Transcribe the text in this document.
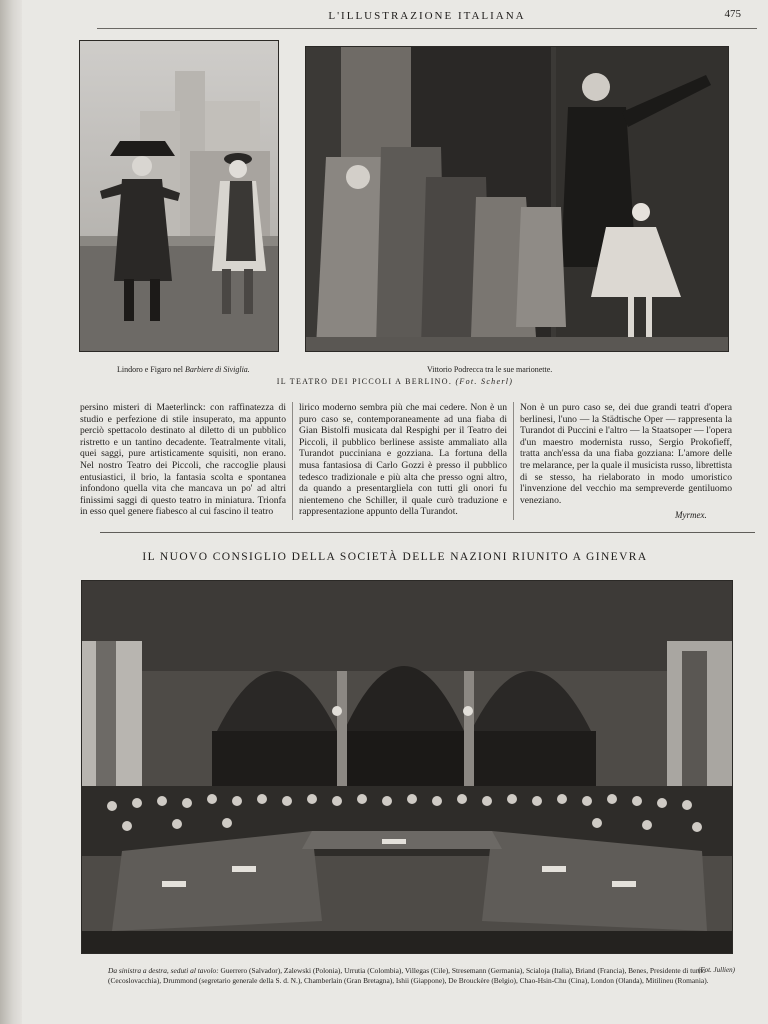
L'ILLUSTRAZIONE ITALIANA	475
Lindoro e Figaro nel Barbiere di Siviglia.	Vittorio Podrecca tra le sue marionette.
IL TEATRO DEI PICCOLI A BERLINO. (Fot. Scherl)
persino misteri di Maeterlinck: con raffinatezza di studio e perfezione di stile insuperato, ma appunto perciò spettacolo destinato al diletto di un pubblico ristretto e un tantino decadente. Teatralmente vitali, quei saggi, pure artisticamente squisiti, non erano. Nel nostro Teatro dei Piccoli, che raccoglie plausi entusiastici, il brio, la fantasia scolta e spontanea infondono quella vita che mancava un po' ad altri finissimi saggi di questo teatro in miniatura. Trionfa in esso quel genere fiabesco al cui fascino il teatro
lirico moderno sembra più che mai cedere. Non è un puro caso se, contemporaneamente ad una fiaba di Gian Bistolfi musicata dal Respighi per il Teatro dei Piccoli, il pubblico berlinese assiste ammaliato alla Turandot pucciniana e gozziana. La fortuna della musa fantasiosa di Carlo Gozzi è presso il pubblico tedesco tradizionale e più alta che presso ogni altro, da quando a presentargliela con tutti gli onori fu nientemeno che Schiller, il quale curò traduzione e rappresentazione appunto della Turandot.
Non è un puro caso se, dei due grandi teatri d'opera berlinesi, l'uno — la Städtische Oper — rappresenta la Turandot di Puccini e l'altro — la Staatsoper — l'opera d'un maestro modernista russo, Sergio Prokofieff, tratta anch'essa da una fiaba gozziana: L'amore delle tre melarance, per la quale il musicista russo, librettista di se stesso, ha rielaborato in modo umoristico l'invenzione del vecchio ma sempreverde gentiluomo veneziano.
Myrmex.
IL NUOVO CONSIGLIO DELLA SOCIETÀ DELLE NAZIONI RIUNITO A GINEVRA
Da sinistra a destra, seduti al tavolo: Guerrero (Salvador), Zalewski (Polonia), Urrutia (Colombia), Villegas (Cile), Stresemann (Germania), Scialoja (Italia), Briand (Francia), Benes, Presidente di turno (Cecoslovacchia), Drummond (segretario generale della S. d. N.), Chamberlain (Gran Bretagna), Ishii (Giappone), De Brouckère (Belgio), Chao-Hsin-Chu (Cina), London (Olanda), Mitilineu (Romania).
(Fot. Jullien)
